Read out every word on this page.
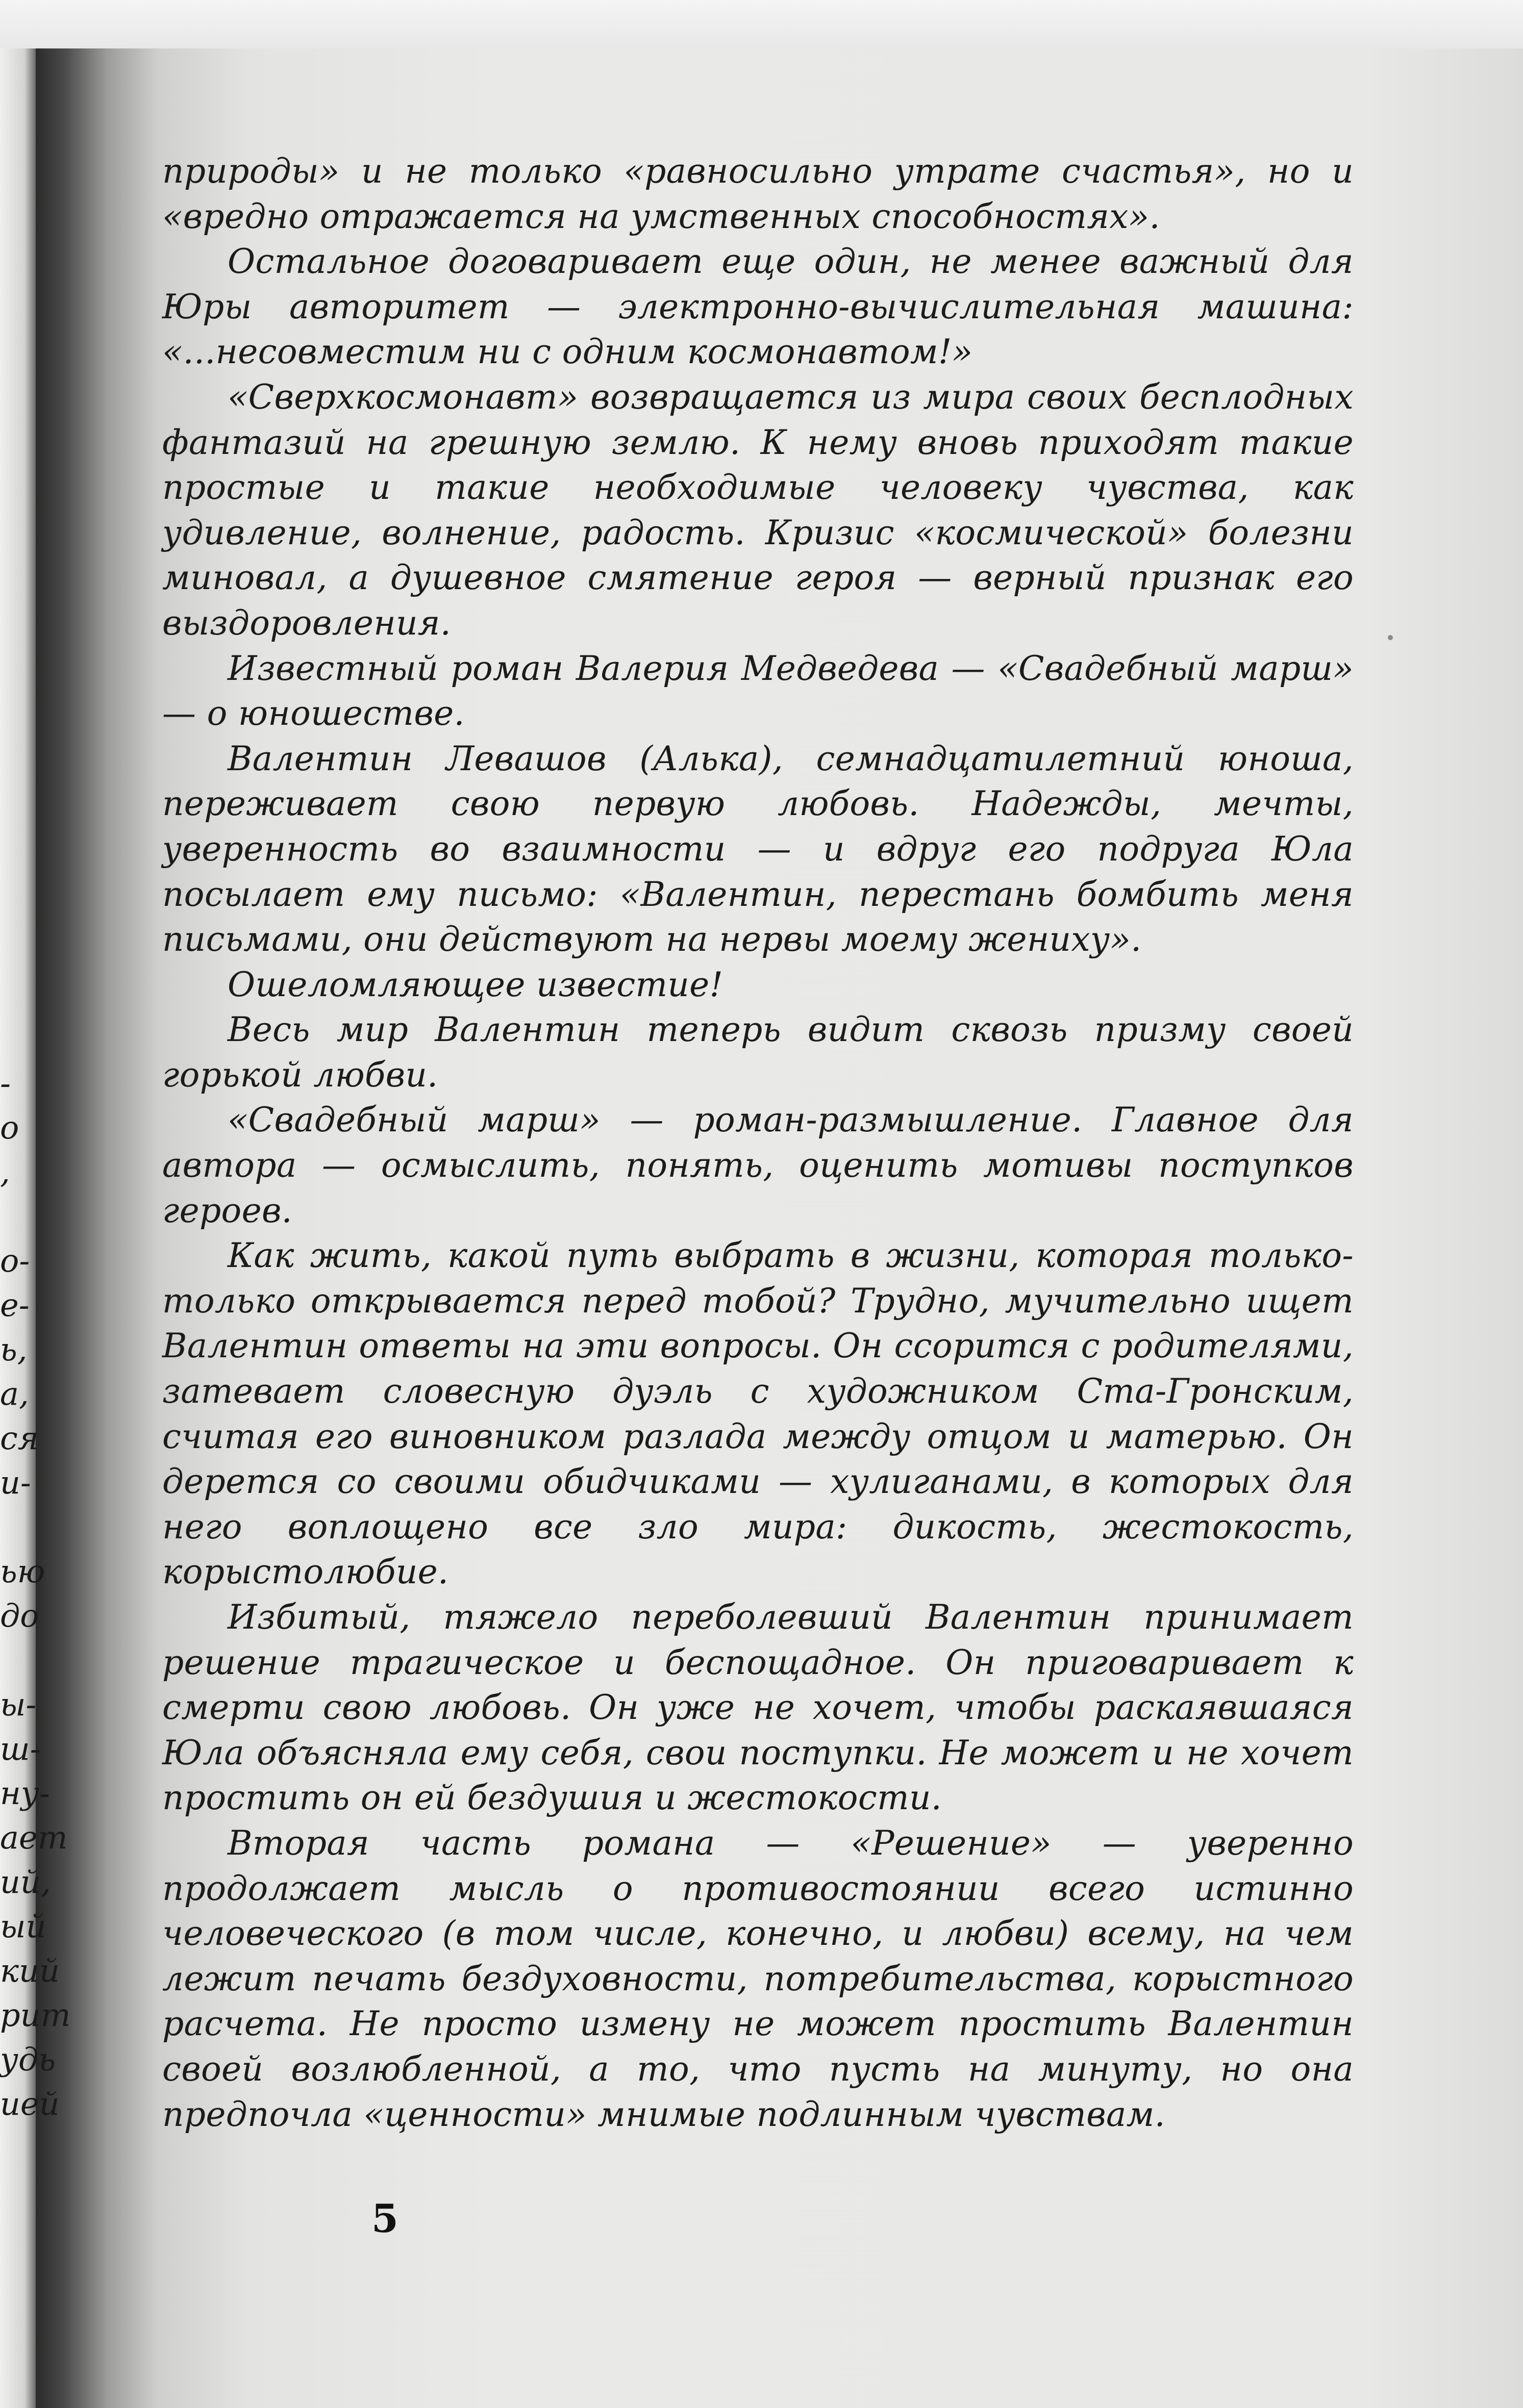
-
о
,
о-
е-
ь,
а,
ся
и-
ью
до
ы-
ш-
ну-
ает
ий,
ый
кий
рит
удь
ией

природы» и не только «равносильно утрате счастья», но и «вредно отражается на умственных способностях».

Остальное договаривает еще один, не менее важный для Юры авторитет — электронно-вычислительная машина: «...несовместим ни с одним космонавтом!»

«Сверхкосмонавт» возвращается из мира своих бесплодных фантазий на грешную землю. К нему вновь приходят такие простые и такие необходимые человеку чувства, как удивление, волнение, радость. Кризис «космической» болезни миновал, а душевное смятение героя — верный признак его выздоровления.

Известный роман Валерия Медведева — «Свадебный марш» — о юношестве.

Валентин Левашов (Алька), семнадцатилетний юноша, переживает свою первую любовь. Надежды, мечты, уверенность во взаимности — и вдруг его подруга Юла посылает ему письмо: «Валентин, перестань бомбить меня письмами, они действуют на нервы моему жениху».

Ошеломляющее известие!

Весь мир Валентин теперь видит сквозь призму своей горькой любви.

«Свадебный марш» — роман-размышление. Главное для автора — осмыслить, понять, оценить мотивы поступков героев.

Как жить, какой путь выбрать в жизни, которая только-только открывается перед тобой? Трудно, мучительно ищет Валентин ответы на эти вопросы. Он ссорится с родителями, затевает словесную дуэль с художником Ста-Гронским, считая его виновником разлада между отцом и матерью. Он дерется со своими обидчиками — хулиганами, в которых для него воплощено все зло мира: дикость, жестокость, корыстолюбие.

Избитый, тяжело переболевший Валентин принимает решение трагическое и беспощадное. Он приговаривает к смерти свою любовь. Он уже не хочет, чтобы раскаявшаяся Юла объясняла ему себя, свои поступки. Не может и не хочет простить он ей бездушия и жестокости.

Вторая часть романа — «Решение» — уверенно продолжает мысль о противостоянии всего истинно человеческого (в том числе, конечно, и любви) всему, на чем лежит печать бездуховности, потребительства, корыстного расчета. Не просто измену не может простить Валентин своей возлюбленной, а то, что пусть на минуту, но она предпочла «ценности» мнимые подлинным чувствам.

5
